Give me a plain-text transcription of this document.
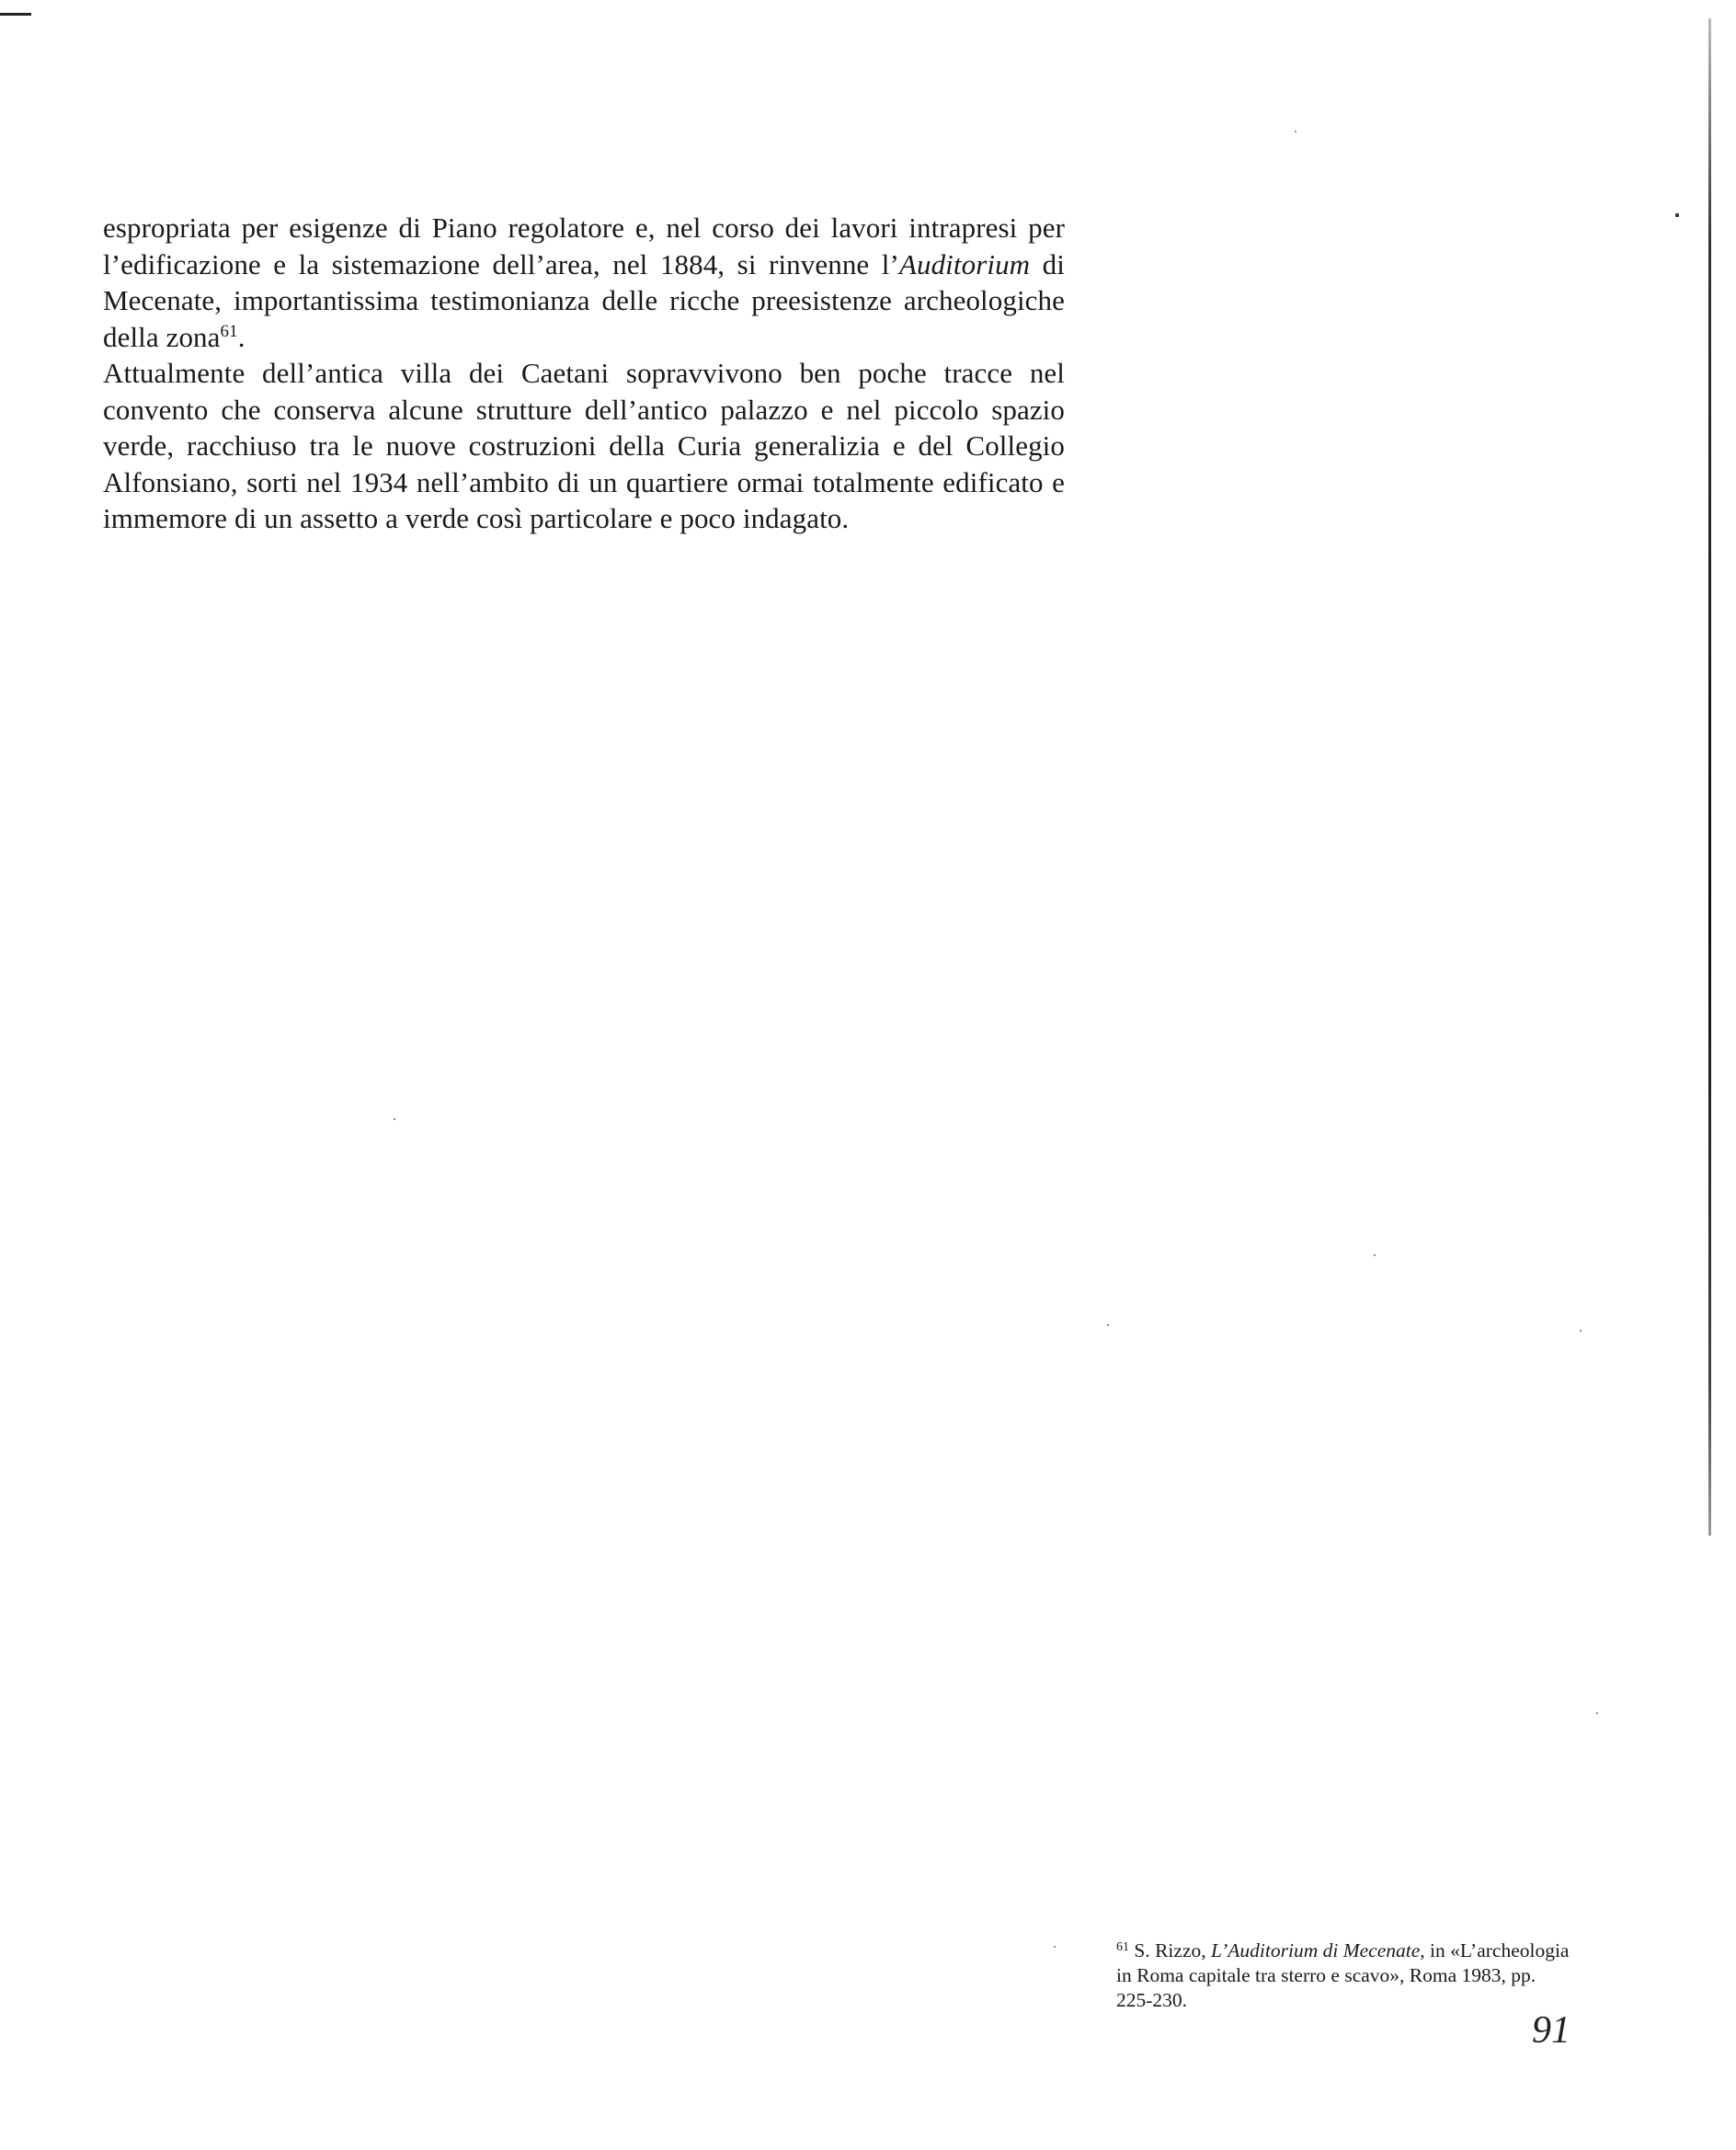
espropriata per esigenze di Piano regolatore e, nel corso dei lavori intrapresi per l’edificazione e la sistemazione dell’area, nel 1884, si rinvenne l’Auditorium di Mecenate, importantissima testimonianza delle ricche preesistenze archeologiche della zona$^{61}$.

Attualmente dell’antica villa dei Caetani sopravvivono ben poche tracce nel convento che conserva alcune strutture dell’antico palazzo e nel piccolo spazio verde, racchiuso tra le nuove costruzioni della Curia generalizia e del Collegio Alfonsiano, sorti nel 1934 nell’ambito di un quartiere ormai totalmente edificato e immemore di un assetto a verde così particolare e poco indagato.

$^{61}$ S. Rizzo, L’Auditorium di Mecenate, in «L’archeologia in Roma capitale tra sterro e scavo», Roma 1983, pp. 225-230.
91
